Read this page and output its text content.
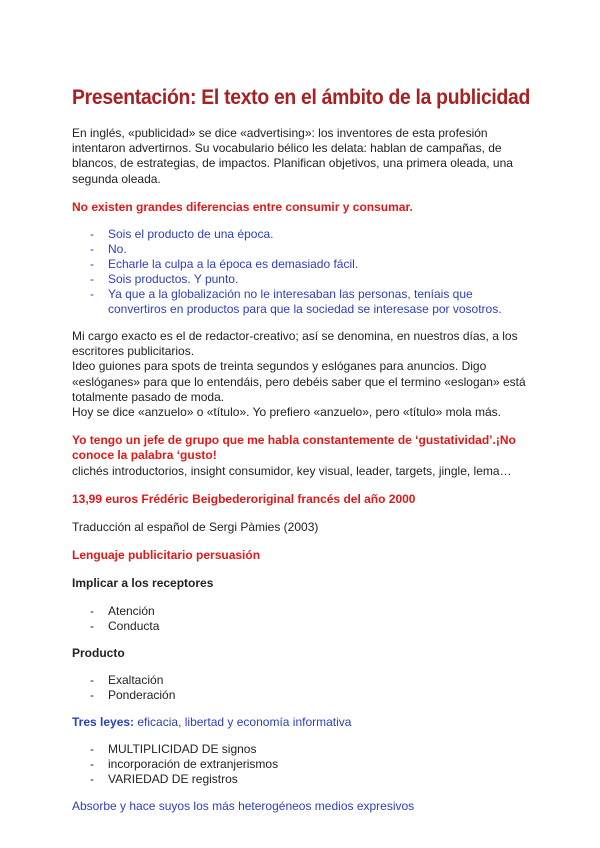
Presentación: El texto en el ámbito de la publicidad

En inglés, «publicidad» se dice «advertising»: los inventores de esta profesión intentaron advertirnos. Su vocabulario bélico les delata: hablan de campañas, de blancos, de estrategias, de impactos. Planifican objetivos, una primera oleada, una segunda oleada.

No existen grandes diferencias entre consumir y consumar.

- Sois el producto de una época.
- No.
- Echarle la culpa a la época es demasiado fácil.
- Sois productos. Y punto.
- Ya que a la globalización no le interesaban las personas, teníais que convertiros en productos para que la sociedad se interesase por vosotros.

Mi cargo exacto es el de redactor-creativo; así se denomina, en nuestros días, a los escritores publicitarios.

Ideo guiones para spots de treinta segundos y eslóganes para anuncios. Digo «eslóganes» para que lo entendáis, pero debéis saber que el termino «eslogan» está totalmente pasado de moda.

Hoy se dice «anzuelo» o «título». Yo prefiero «anzuelo», pero «título» mola más.

Yo tengo un jefe de grupo que me habla constantemente de ‘gustatividad’.¡No conoce la palabra ‘gusto!

clichés introductorios, insight consumidor, key visual, leader, targets, jingle, lema…

13,99 euros Frédéric Beigbederoriginal francés del año 2000

Traducción al español de Sergi Pàmies (2003)

Lenguaje publicitario persuasión

Implicar a los receptores

- Atención
- Conducta

Producto

- Exaltación
- Ponderación

Tres leyes: eficacia, libertad y economía informativa

- MULTIPLICIDAD DE signos
- incorporación de extranjerismos
- VARIEDAD DE registros

Absorbe y hace suyos los más heterogéneos medios expresivos
